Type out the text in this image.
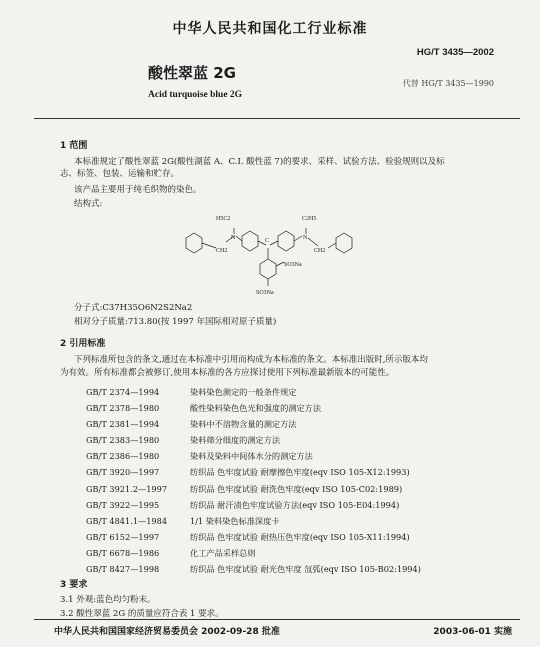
中华人民共和国化工行业标准
HG/T 3435—2002
酸性翠蓝 2G
代替 HG/T 3435—1990
Acid turquoise blue 2G
1 范围
本标准规定了酸性翠蓝 2G(酸性湖蓝 A、C.I. 酸性蓝 7)的要求、采样、试验方法、检验规则以及标
志、标签、包装、运输和贮存。
该产品主要用于纯毛织物的染色。
结构式:
H5C2
N
CH2
C	N
C2H5
CH2
SO3Na
SO3Na
分子式:C37H35O6N2S2Na2
相对分子质量:713.80(按 1997 年国际相对原子质量)
2 引用标准
下列标准所包含的条文,通过在本标准中引用而构成为本标准的条文。本标准出版时,所示版本均
为有效。所有标准都会被修订,使用本标准的各方应探讨使用下列标准最新版本的可能性。
GB/T 2374—1994	染料染色测定的一般条件规定
GB/T 2378—1980	酸性染料染色色光和强度的测定方法
GB/T 2381—1994	染料中不溶物含量的测定方法
GB/T 2383—1980	染料筛分细度的测定方法
GB/T 2386—1980	染料及染料中间体水分的测定方法
GB/T 3920—1997	纺织品 色牢度试验 耐摩擦色牢度(eqv ISO 105-X12:1993)
GB/T 3921.2—1997	纺织品 色牢度试验 耐洗色牢度(eqv ISO 105-C02:1989)
GB/T 3922—1995	纺织品 耐汗渍色牢度试验方法(eqv ISO 105-E04:1994)
GB/T 4841.1—1984	1/1 染料染色标准深度卡
GB/T 6152—1997	纺织品 色牢度试验 耐热压色牢度(eqv ISO 105-X11:1994)
GB/T 6678—1986	化工产品采样总则
GB/T 8427—1998	纺织品 色牢度试验 耐光色牢度 氙弧(eqv ISO 105-B02:1994)
3 要求
3.1 外观:蓝色均匀粉末。
3.2 酸性翠蓝 2G 的质量应符合表 1 要求。
中华人民共和国国家经济贸易委员会 2002-09-28 批准	2003-06-01 实施
